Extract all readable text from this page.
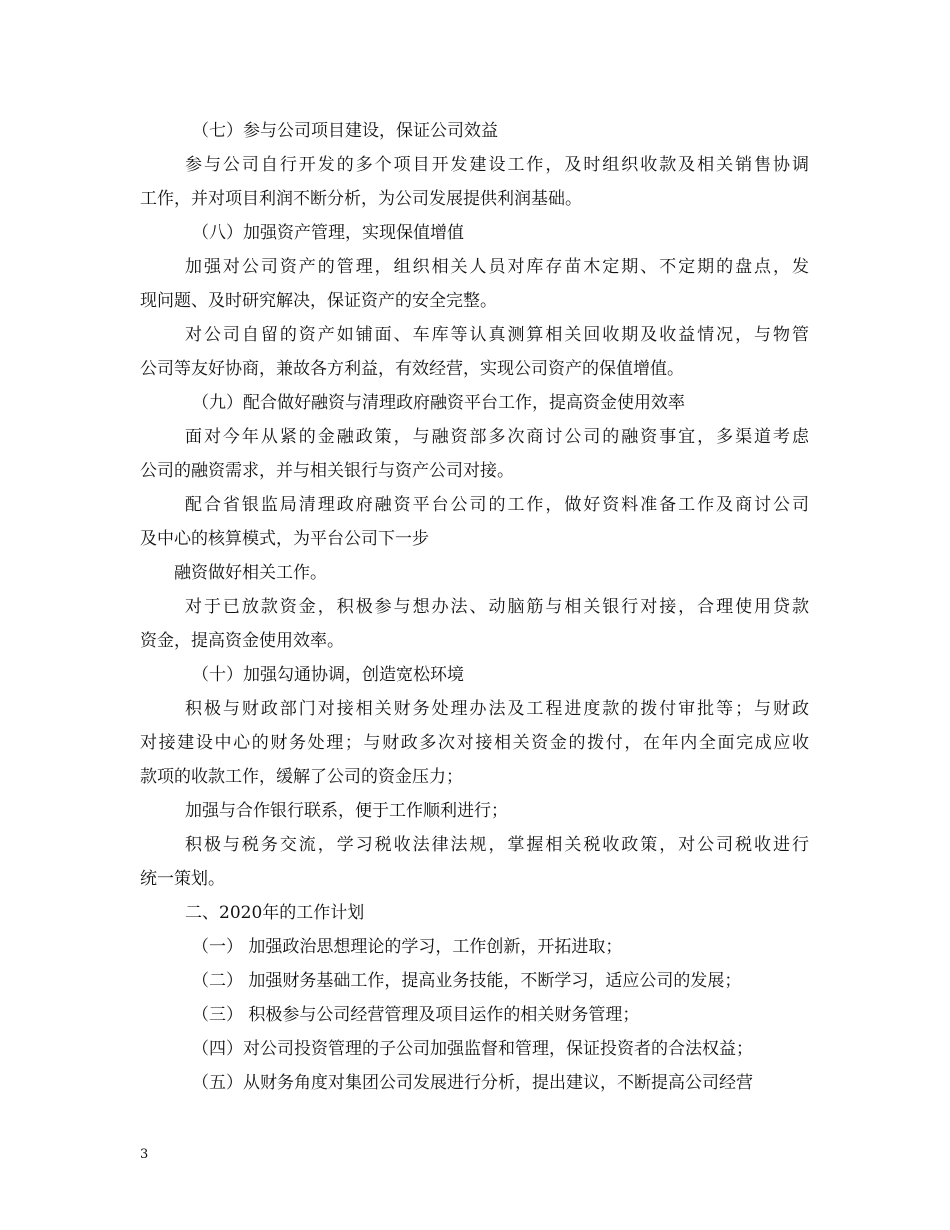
（七）参与公司项目建设，保证公司效益
参与公司自行开发的多个项目开发建设工作，及时组织收款及相关销售协调
工作，并对项目利润不断分析，为公司发展提供利润基础。
（八）加强资产管理，实现保值增值
加强对公司资产的管理，组织相关人员对库存苗木定期、不定期的盘点，发
现问题、及时研究解决，保证资产的安全完整。
对公司自留的资产如铺面、车库等认真测算相关回收期及收益情况，与物管
公司等友好协商，兼故各方利益，有效经营，实现公司资产的保值增值。
（九）配合做好融资与清理政府融资平台工作，提高资金使用效率
面对今年从紧的金融政策，与融资部多次商讨公司的融资事宜，多渠道考虑
公司的融资需求，并与相关银行与资产公司对接。
配合省银监局清理政府融资平台公司的工作，做好资料准备工作及商讨公司
及中心的核算模式，为平台公司下一步
融资做好相关工作。
对于已放款资金，积极参与想办法、动脑筋与相关银行对接，合理使用贷款
资金，提高资金使用效率。
（十）加强勾通协调，创造宽松环境
积极与财政部门对接相关财务处理办法及工程进度款的拨付审批等；与财政
对接建设中心的财务处理；与财政多次对接相关资金的拨付，在年内全面完成应收
款项的收款工作，缓解了公司的资金压力；
加强与合作银行联系，便于工作顺利进行；
积极与税务交流，学习税收法律法规，掌握相关税收政策，对公司税收进行
统一策划。
二、2020年的工作计划
（一） 加强政治思想理论的学习，工作创新，开拓进取；
（二） 加强财务基础工作，提高业务技能，不断学习，适应公司的发展；
（三） 积极参与公司经营管理及项目运作的相关财务管理；
（四）对公司投资管理的子公司加强监督和管理，保证投资者的合法权益；
（五）从财务角度对集团公司发展进行分析，提出建议，不断提高公司经营
3
